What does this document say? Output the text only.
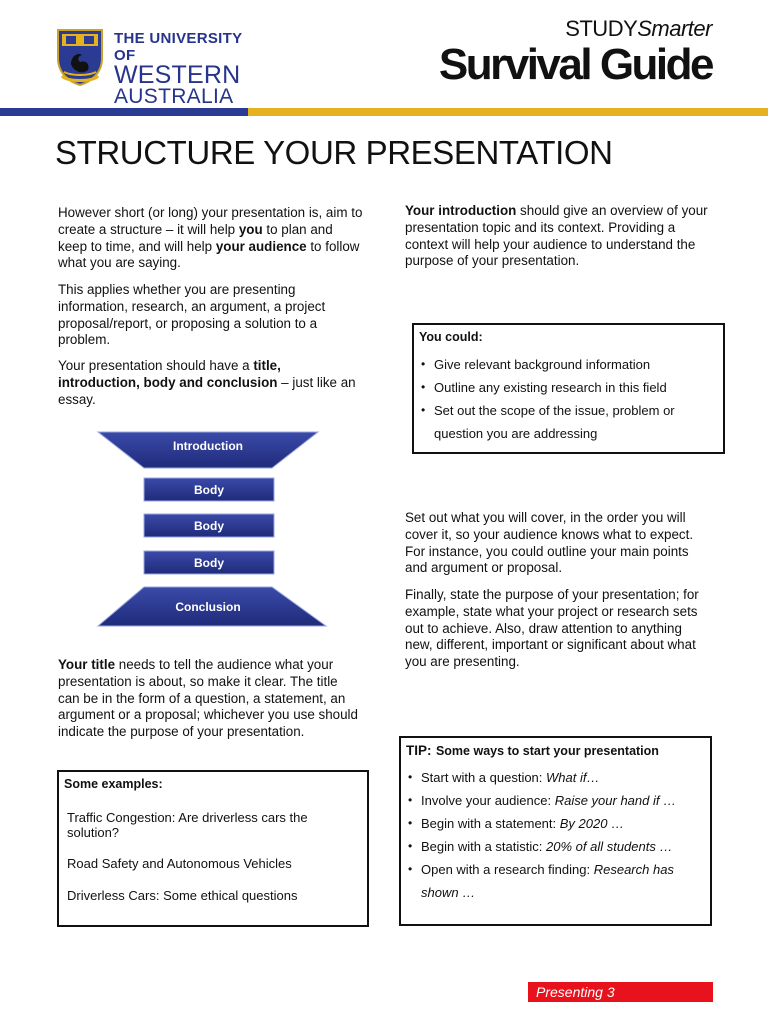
THE UNIVERSITY OF
WESTERN
AUSTRALIA
STUDYSmarter
Survival Guide
STRUCTURE YOUR PRESENTATION
However short (or long) your presentation is, aim to create a structure – it will help you to plan and keep to time, and will help your audience to follow what you are saying.
This applies whether you are presenting information, research, an argument, a project proposal/report, or proposing a solution to a problem.
Your presentation should have a title, introduction, body and conclusion – just like an essay.
Introduction
Body
Body
Body
Conclusion
Your title needs to tell the audience what your presentation is about, so make it clear. The title can be in the form of a question, a statement, an argument or a proposal; whichever you use should indicate the purpose of your presentation.
Some examples:
Traffic Congestion: Are driverless cars the solution?
Road Safety and Autonomous Vehicles
Driverless Cars: Some ethical questions
Your introduction should give an overview of your presentation topic and its context. Providing a context will help your audience to understand the purpose of your presentation.
You could:
• Give relevant background information
• Outline any existing research in this field
• Set out the scope of the issue, problem or question you are addressing
Set out what you will cover, in the order you will cover it, so your audience knows what to expect. For instance, you could outline your main points and argument or proposal.
Finally, state the purpose of your presentation; for example, state what your project or research sets out to achieve. Also, draw attention to anything new, different, important or significant about what you are presenting.
TIP: Some ways to start your presentation
• Start with a question: What if…
• Involve your audience: Raise your hand if …
• Begin with a statement: By 2020 …
• Begin with a statistic: 20% of all students …
• Open with a research finding: Research has shown …
Presenting 3
